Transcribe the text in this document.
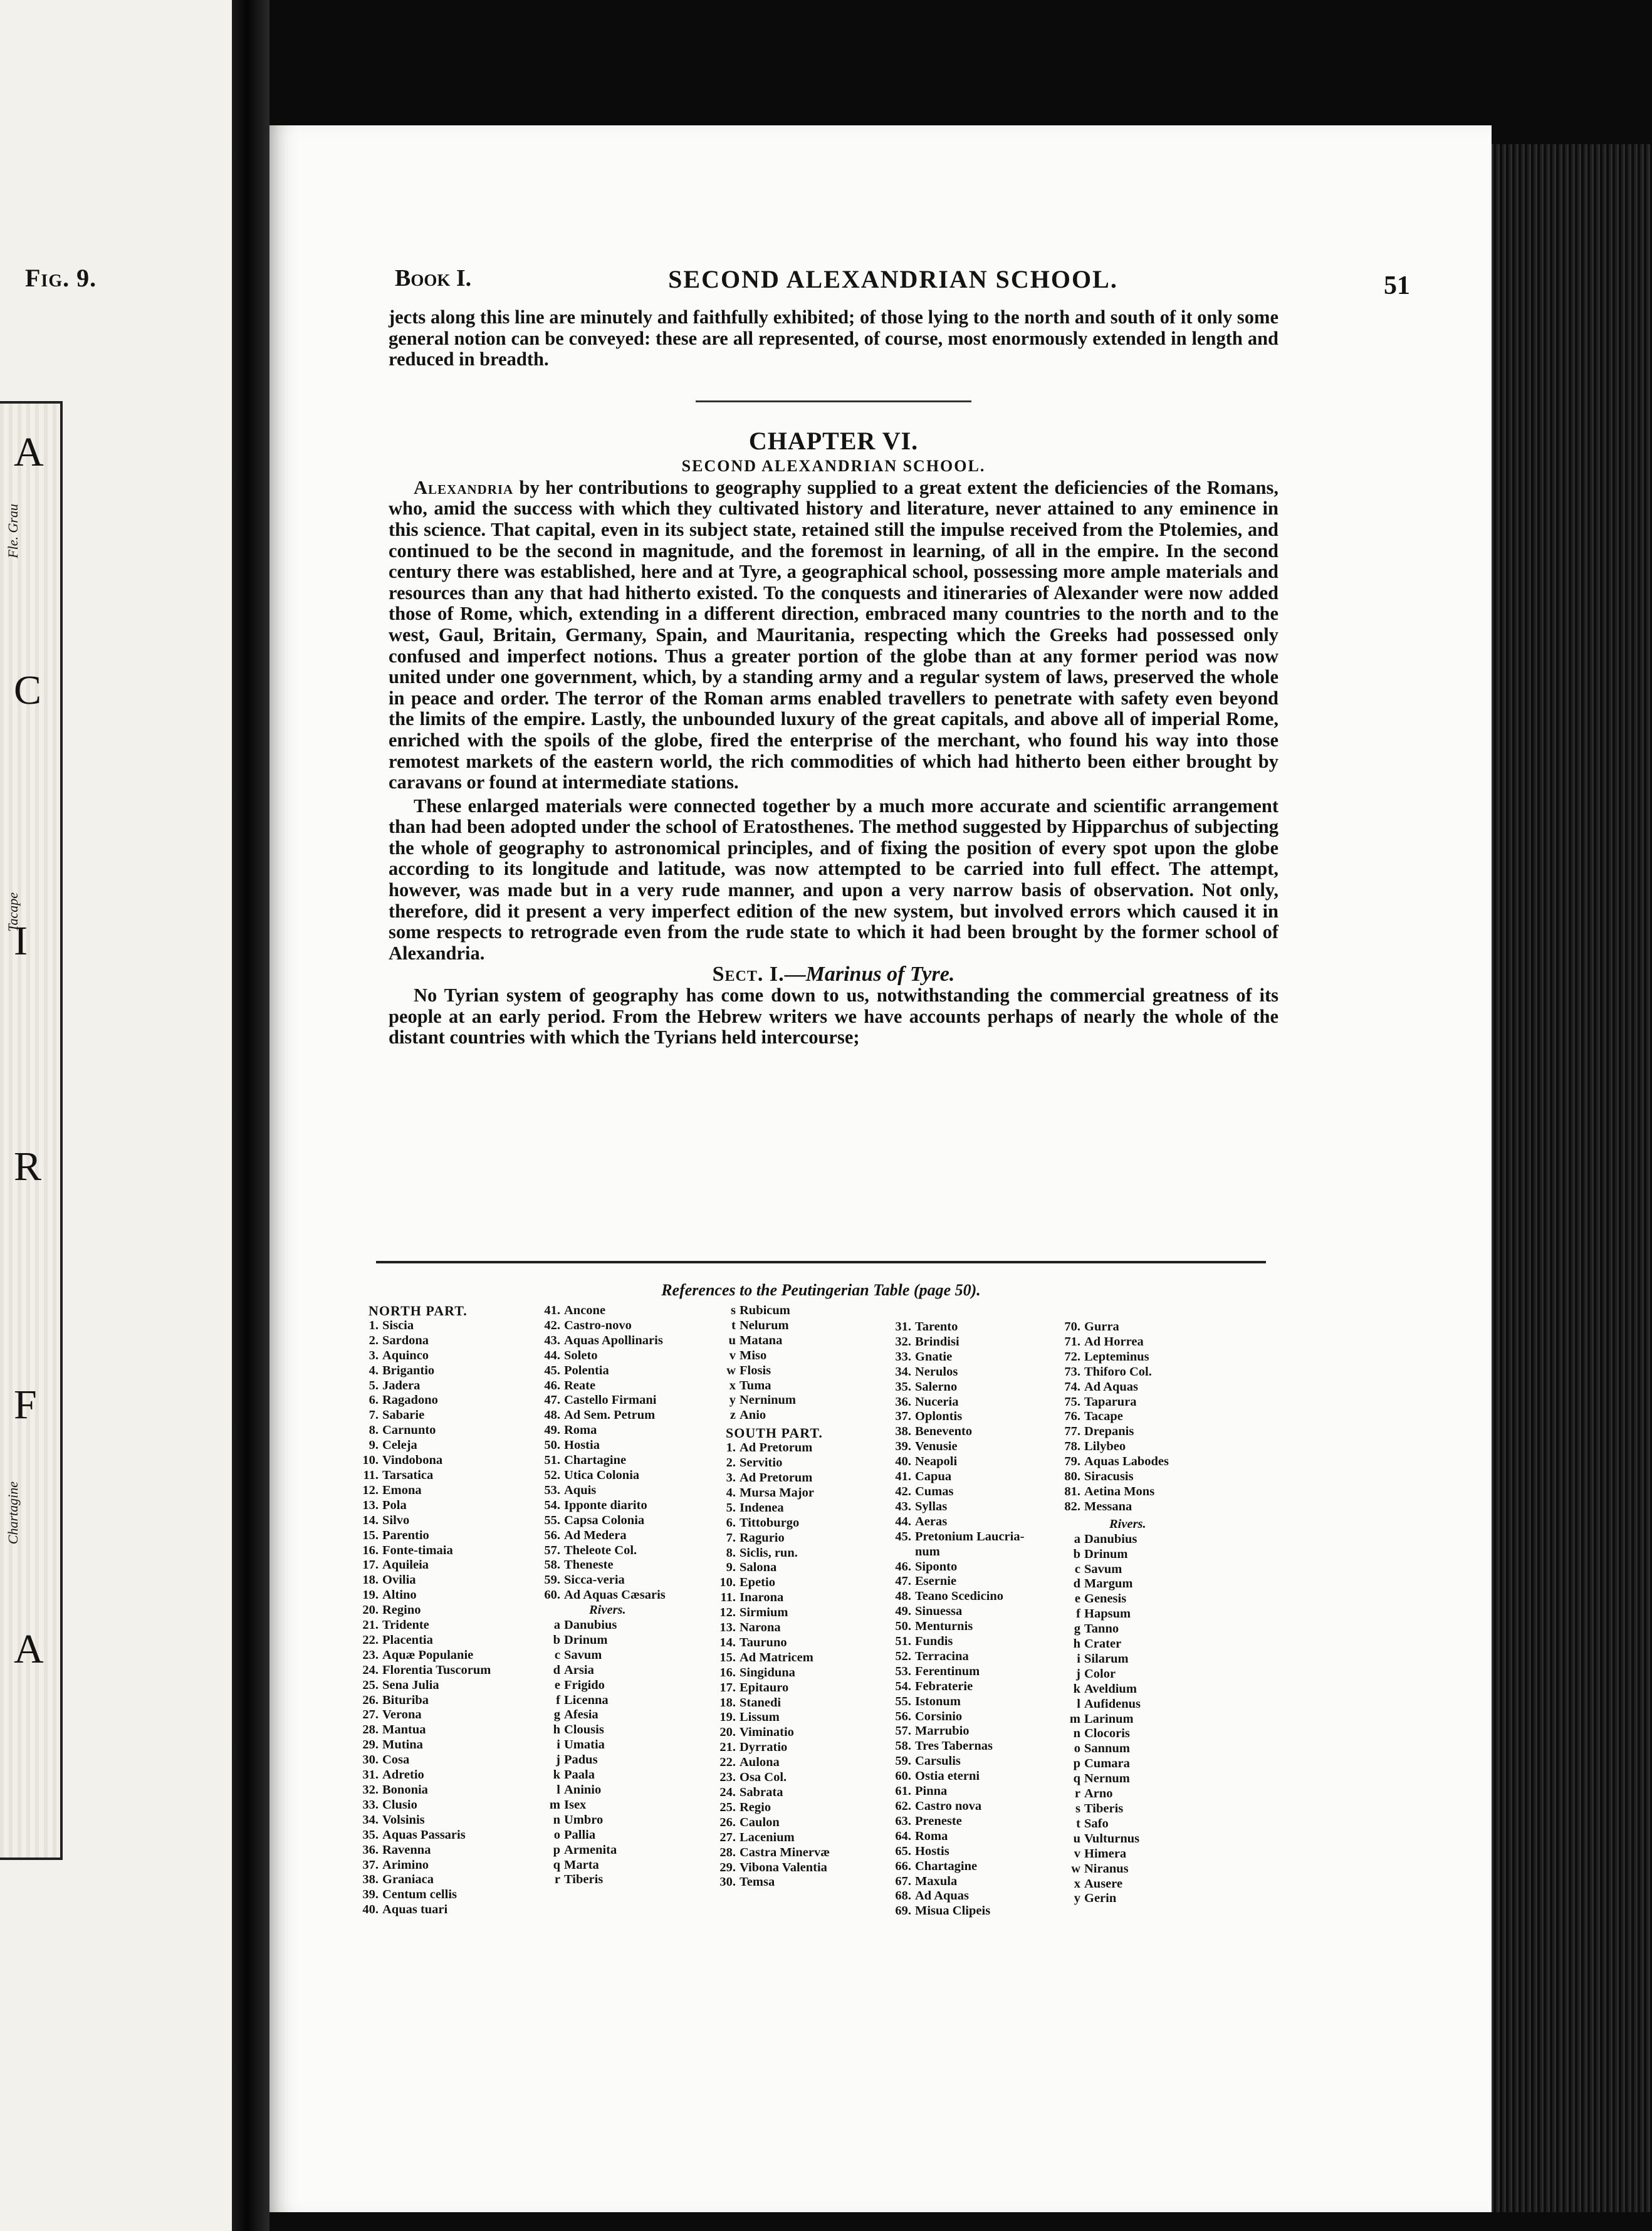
Fig. 9.
A
C
I
R
F
A
Chartagine
Tacape
Fle. Grau
Book I.	SECOND ALEXANDRIAN SCHOOL.	51

jects along this line are minutely and faithfully exhibited; of those lying to the north and south of it only some general notion can be conveyed: these are all represented, of course, most enormously extended in length and reduced in breadth.

CHAPTER VI.

SECOND ALEXANDRIAN SCHOOL.

Alexandria by her contributions to geography supplied to a great extent the deficiencies of the Romans, who, amid the success with which they cultivated history and literature, never attained to any eminence in this science. That capital, even in its subject state, retained still the impulse received from the Ptolemies, and continued to be the second in magnitude, and the foremost in learning, of all in the empire. In the second century there was established, here and at Tyre, a geographical school, possessing more ample materials and resources than any that had hitherto existed. To the conquests and itineraries of Alexander were now added those of Rome, which, extending in a different direction, embraced many countries to the north and to the west, Gaul, Britain, Germany, Spain, and Mauritania, respecting which the Greeks had possessed only confused and imperfect notions. Thus a greater portion of the globe than at any former period was now united under one government, which, by a standing army and a regular system of laws, preserved the whole in peace and order. The terror of the Roman arms enabled travellers to penetrate with safety even beyond the limits of the empire. Lastly, the unbounded luxury of the great capitals, and above all of imperial Rome, enriched with the spoils of the globe, fired the enterprise of the merchant, who found his way into those remotest markets of the eastern world, the rich commodities of which had hitherto been either brought by caravans or found at intermediate stations.

These enlarged materials were connected together by a much more accurate and scientific arrangement than had been adopted under the school of Eratosthenes. The method suggested by Hipparchus of subjecting the whole of geography to astronomical principles, and of fixing the position of every spot upon the globe according to its longitude and latitude, was now attempted to be carried into full effect. The attempt, however, was made but in a very rude manner, and upon a very narrow basis of observation. Not only, therefore, did it present a very imperfect edition of the new system, but involved errors which caused it in some respects to retrograde even from the rude state to which it had been brought by the former school of Alexandria.

Sect. I.—Marinus of Tyre.

No Tyrian system of geography has come down to us, notwithstanding the commercial greatness of its people at an early period. From the Hebrew writers we have accounts perhaps of nearly the whole of the distant countries with which the Tyrians held intercourse;

References to the Peutingerian Table (page 50).
NORTH PART.
1. Siscia
2. Sardona
3. Aquinco
4. Brigantio
5. Jadera
6. Ragadono
7. Sabarie
8. Carnunto
9. Celeja
10. Vindobona
11. Tarsatica
12. Emona
13. Pola
14. Silvo
15. Parentio
16. Fonte-timaia
17. Aquileia
18. Ovilia
19. Altino
20. Regino
21. Tridente
22. Placentia
23. Aquæ Populanie
24. Florentia Tuscorum
25. Sena Julia
26. Bituriba
27. Verona
28. Mantua
29. Mutina
30. Cosa
31. Adretio
32. Bononia
33. Clusio
34. Volsinis
35. Aquas Passaris
36. Ravenna
37. Arimino
38. Graniaca
39. Centum cellis
40. Aquas tuari
41. Ancone
42. Castro-novo
43. Aquas Apollinaris
44. Soleto
45. Polentia
46. Reate
47. Castello Firmani
48. Ad Sem. Petrum
49. Roma
50. Hostia
51. Chartagine
52. Utica Colonia
53. Aquis
54. Ipponte diarito
55. Capsa Colonia
56. Ad Medera
57. Theleote Col.
58. Theneste
59. Sicca-veria
60. Ad Aquas Cæsaris
Rivers.
a Danubius
b Drinum
c Savum
d Arsia
e Frigido
f Licenna
g Afesia
h Clousis
i Umatia
j Padus
k Paala
l Aninio
m Isex
n Umbro
o Pallia
p Armenita
q Marta
r Tiberis
s Rubicum
t Nelurum
u Matana
v Miso
w Flosis
x Tuma
y Nerninum
z Anio
SOUTH PART.
1. Ad Pretorum
2. Servitio
3. Ad Pretorum
4. Mursa Major
5. Indenea
6. Tittoburgo
7. Ragurio
8. Siclis, run.
9. Salona
10. Epetio
11. Inarona
12. Sirmium
13. Narona
14. Tauruno
15. Ad Matricem
16. Singiduna
17. Epitauro
18. Stanedi
19. Lissum
20. Viminatio
21. Dyrratio
22. Aulona
23. Osa Col.
24. Sabrata
25. Regio
26. Caulon
27. Lacenium
28. Castra Minervæ
29. Vibona Valentia
30. Temsa
31. Tarento
32. Brindisi
33. Gnatie
34. Nerulos
35. Salerno
36. Nuceria
37. Oplontis
38. Benevento
39. Venusie
40. Neapoli
41. Capua
42. Cumas
43. Syllas
44. Aeras
45. Pretonium Laucria-
num
46. Siponto
47. Esernie
48. Teano Scedicino
49. Sinuessa
50. Menturnis
51. Fundis
52. Terracina
53. Ferentinum
54. Febraterie
55. Istonum
56. Corsinio
57. Marrubio
58. Tres Tabernas
59. Carsulis
60. Ostia eterni
61. Pinna
62. Castro nova
63. Preneste
64. Roma
65. Hostis
66. Chartagine
67. Maxula
68. Ad Aquas
69. Misua Clipeis
70. Gurra
71. Ad Horrea
72. Lepteminus
73. Thiforo Col.
74. Ad Aquas
75. Taparura
76. Tacape
77. Drepanis
78. Lilybeo
79. Aquas Labodes
80. Siracusis
81. Aetina Mons
82. Messana
Rivers.
a Danubius
b Drinum
c Savum
d Margum
e Genesis
f Hapsum
g Tanno
h Crater
i Silarum
j Color
k Aveldium
l Aufidenus
m Larinum
n Clocoris
o Sannum
p Cumara
q Nernum
r Arno
s Tiberis
t Safo
u Vulturnus
v Himera
w Niranus
x Ausere
y Gerin
